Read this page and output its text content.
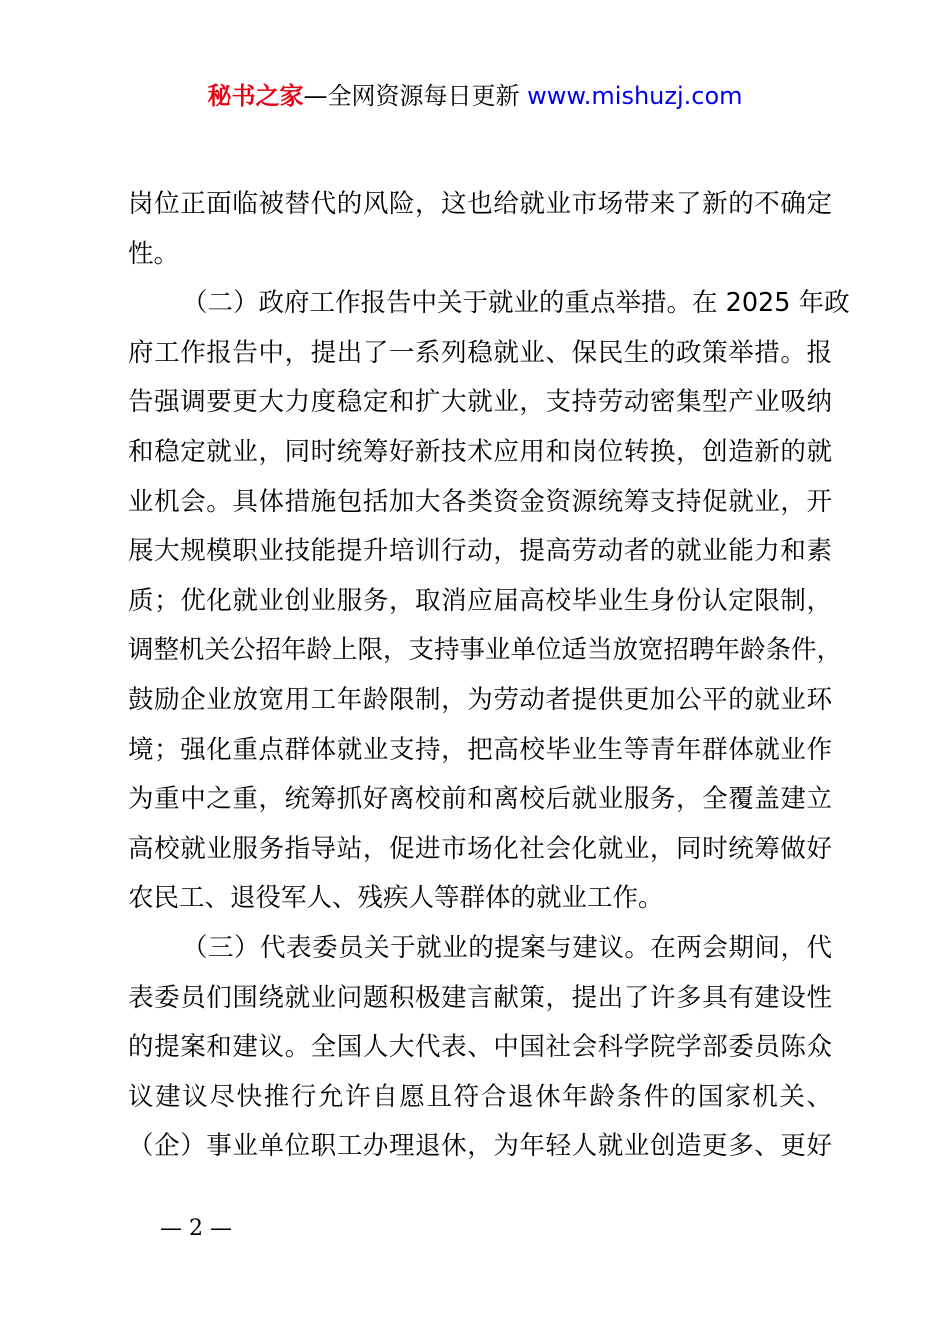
秘书之家—全网资源每日更新 www.mishuzj.com
岗位正面临被替代的风险，这也给就业市场带来了新的不确定
性。
（二）政府工作报告中关于就业的重点举措。在 2025 年政
府工作报告中，提出了一系列稳就业、保民生的政策举措。报
告强调要更大力度稳定和扩大就业，支持劳动密集型产业吸纳
和稳定就业，同时统筹好新技术应用和岗位转换，创造新的就
业机会。具体措施包括加大各类资金资源统筹支持促就业，开
展大规模职业技能提升培训行动，提高劳动者的就业能力和素
质；优化就业创业服务，取消应届高校毕业生身份认定限制，
调整机关公招年龄上限，支持事业单位适当放宽招聘年龄条件，
鼓励企业放宽用工年龄限制，为劳动者提供更加公平的就业环
境；强化重点群体就业支持，把高校毕业生等青年群体就业作
为重中之重，统筹抓好离校前和离校后就业服务，全覆盖建立
高校就业服务指导站，促进市场化社会化就业，同时统筹做好
农民工、退役军人、残疾人等群体的就业工作。
（三）代表委员关于就业的提案与建议。在两会期间，代
表委员们围绕就业问题积极建言献策，提出了许多具有建设性
的提案和建议。全国人大代表、中国社会科学院学部委员陈众
议建议尽快推行允许自愿且符合退休年龄条件的国家机关、
（企）事业单位职工办理退休，为年轻人就业创造更多、更好
— 2 —
